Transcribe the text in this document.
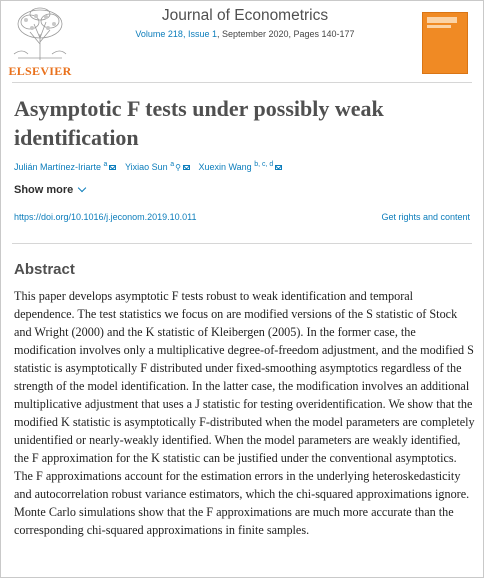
ELSEVIER
Journal of Econometrics
Volume 218, Issue 1, September 2020, Pages 140-177
Asymptotic F tests under possibly weak identification
Julián Martínez-Iriarte $^a$ Yixiao Sun $^a$⚲ Xuexin Wang $^{b, c, d}$
Show more
https://doi.org/10.1016/j.jeconom.2019.10.011	Get rights and content
Abstract

This paper develops asymptotic F tests robust to weak identification and temporal dependence. The test statistics we focus on are modified versions of the S statistic of Stock and Wright (2000) and the K statistic of Kleibergen (2005). In the former case, the modification involves only a multiplicative degree-of-freedom adjustment, and the modified S statistic is asymptotically F distributed under fixed-smoothing asymptotics regardless of the strength of the model identification. In the latter case, the modification involves an additional multiplicative adjustment that uses a J statistic for testing overidentification. We show that the modified K statistic is asymptotically F-distributed when the model parameters are completely unidentified or nearly-weakly identified. When the model parameters are weakly identified, the F approximation for the K statistic can be justified under the conventional asymptotics. The F approximations account for the estimation errors in the underlying heteroskedasticity and autocorrelation robust variance estimators, which the chi-squared approximations ignore. Monte Carlo simulations show that the F approximations are much more accurate than the corresponding chi-squared approximations in finite samples.
